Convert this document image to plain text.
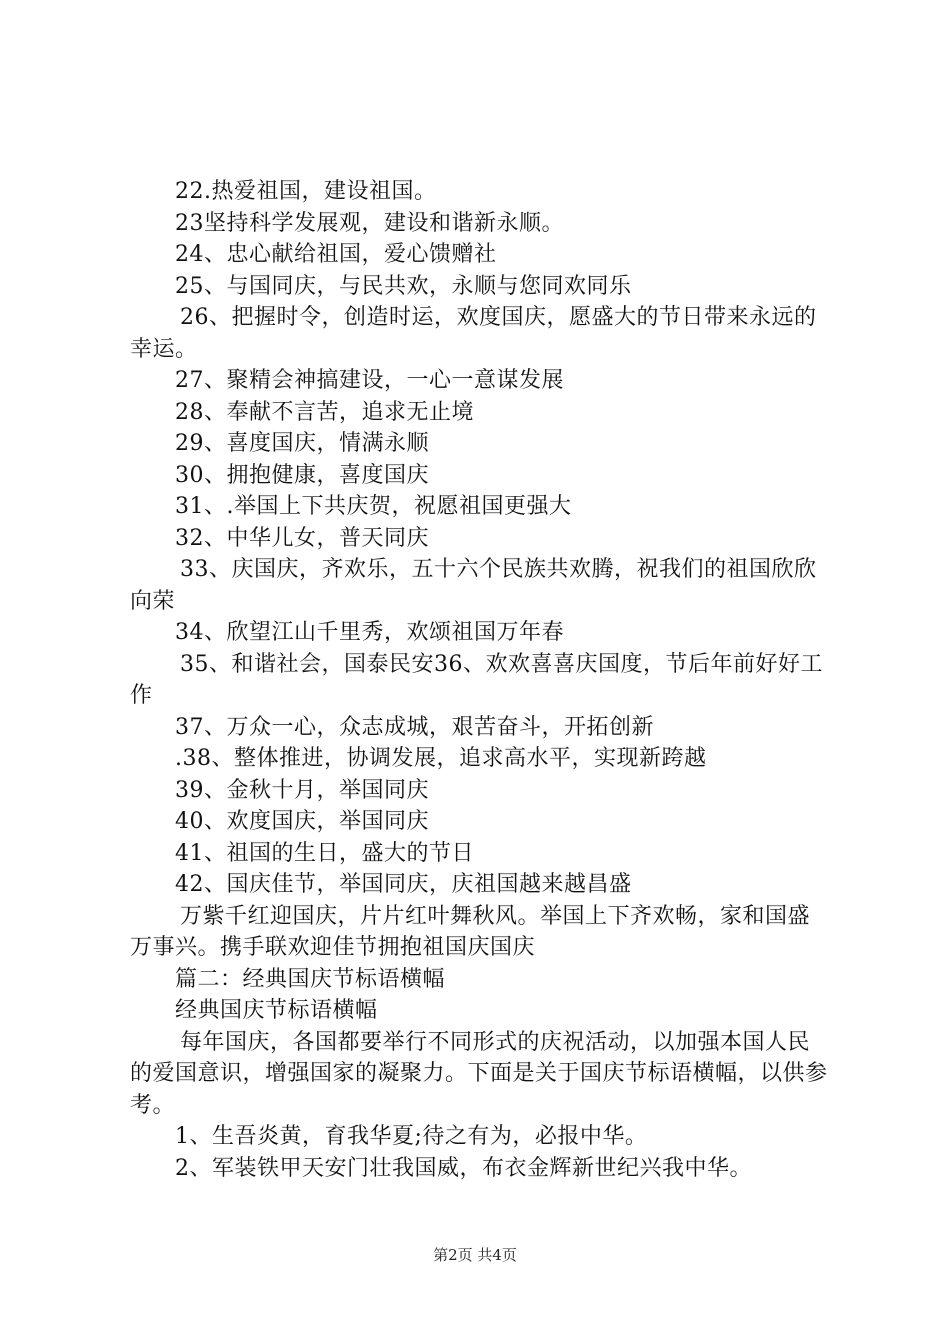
22.热爱祖国，建设祖国。

23坚持科学发展观，建设和谐新永顺。

24、忠心献给祖国，爱心馈赠社

25、与国同庆，与民共欢，永顺与您同欢同乐

26、把握时令，创造时运，欢度国庆，愿盛大的节日带来永远的幸运。

27、聚精会神搞建设，一心一意谋发展

28、奉献不言苦，追求无止境

29、喜度国庆，情满永顺

30、拥抱健康，喜度国庆

31、.举国上下共庆贺，祝愿祖国更强大

32、中华儿女，普天同庆

33、庆国庆，齐欢乐，五十六个民族共欢腾，祝我们的祖国欣欣向荣

34、欣望江山千里秀，欢颂祖国万年春

35、和谐社会，国泰民安36、欢欢喜喜庆国度，节后年前好好工作

37、万众一心，众志成城，艰苦奋斗，开拓创新

.38、整体推进，协调发展，追求高水平，实现新跨越

39、金秋十月，举国同庆

40、欢度国庆，举国同庆

41、祖国的生日，盛大的节日

42、国庆佳节，举国同庆，庆祖国越来越昌盛

万紫千红迎国庆，片片红叶舞秋风。举国上下齐欢畅，家和国盛万事兴。携手联欢迎佳节拥抱祖国庆国庆

篇二：经典国庆节标语横幅

经典国庆节标语横幅

每年国庆，各国都要举行不同形式的庆祝活动，以加强本国人民的爱国意识，增强国家的凝聚力。下面是关于国庆节标语横幅，以供参考。

1、生吾炎黄，育我华夏;待之有为，必报中华。

2、军装铁甲天安门壮我国威，布衣金辉新世纪兴我中华。

第2页 共4页
